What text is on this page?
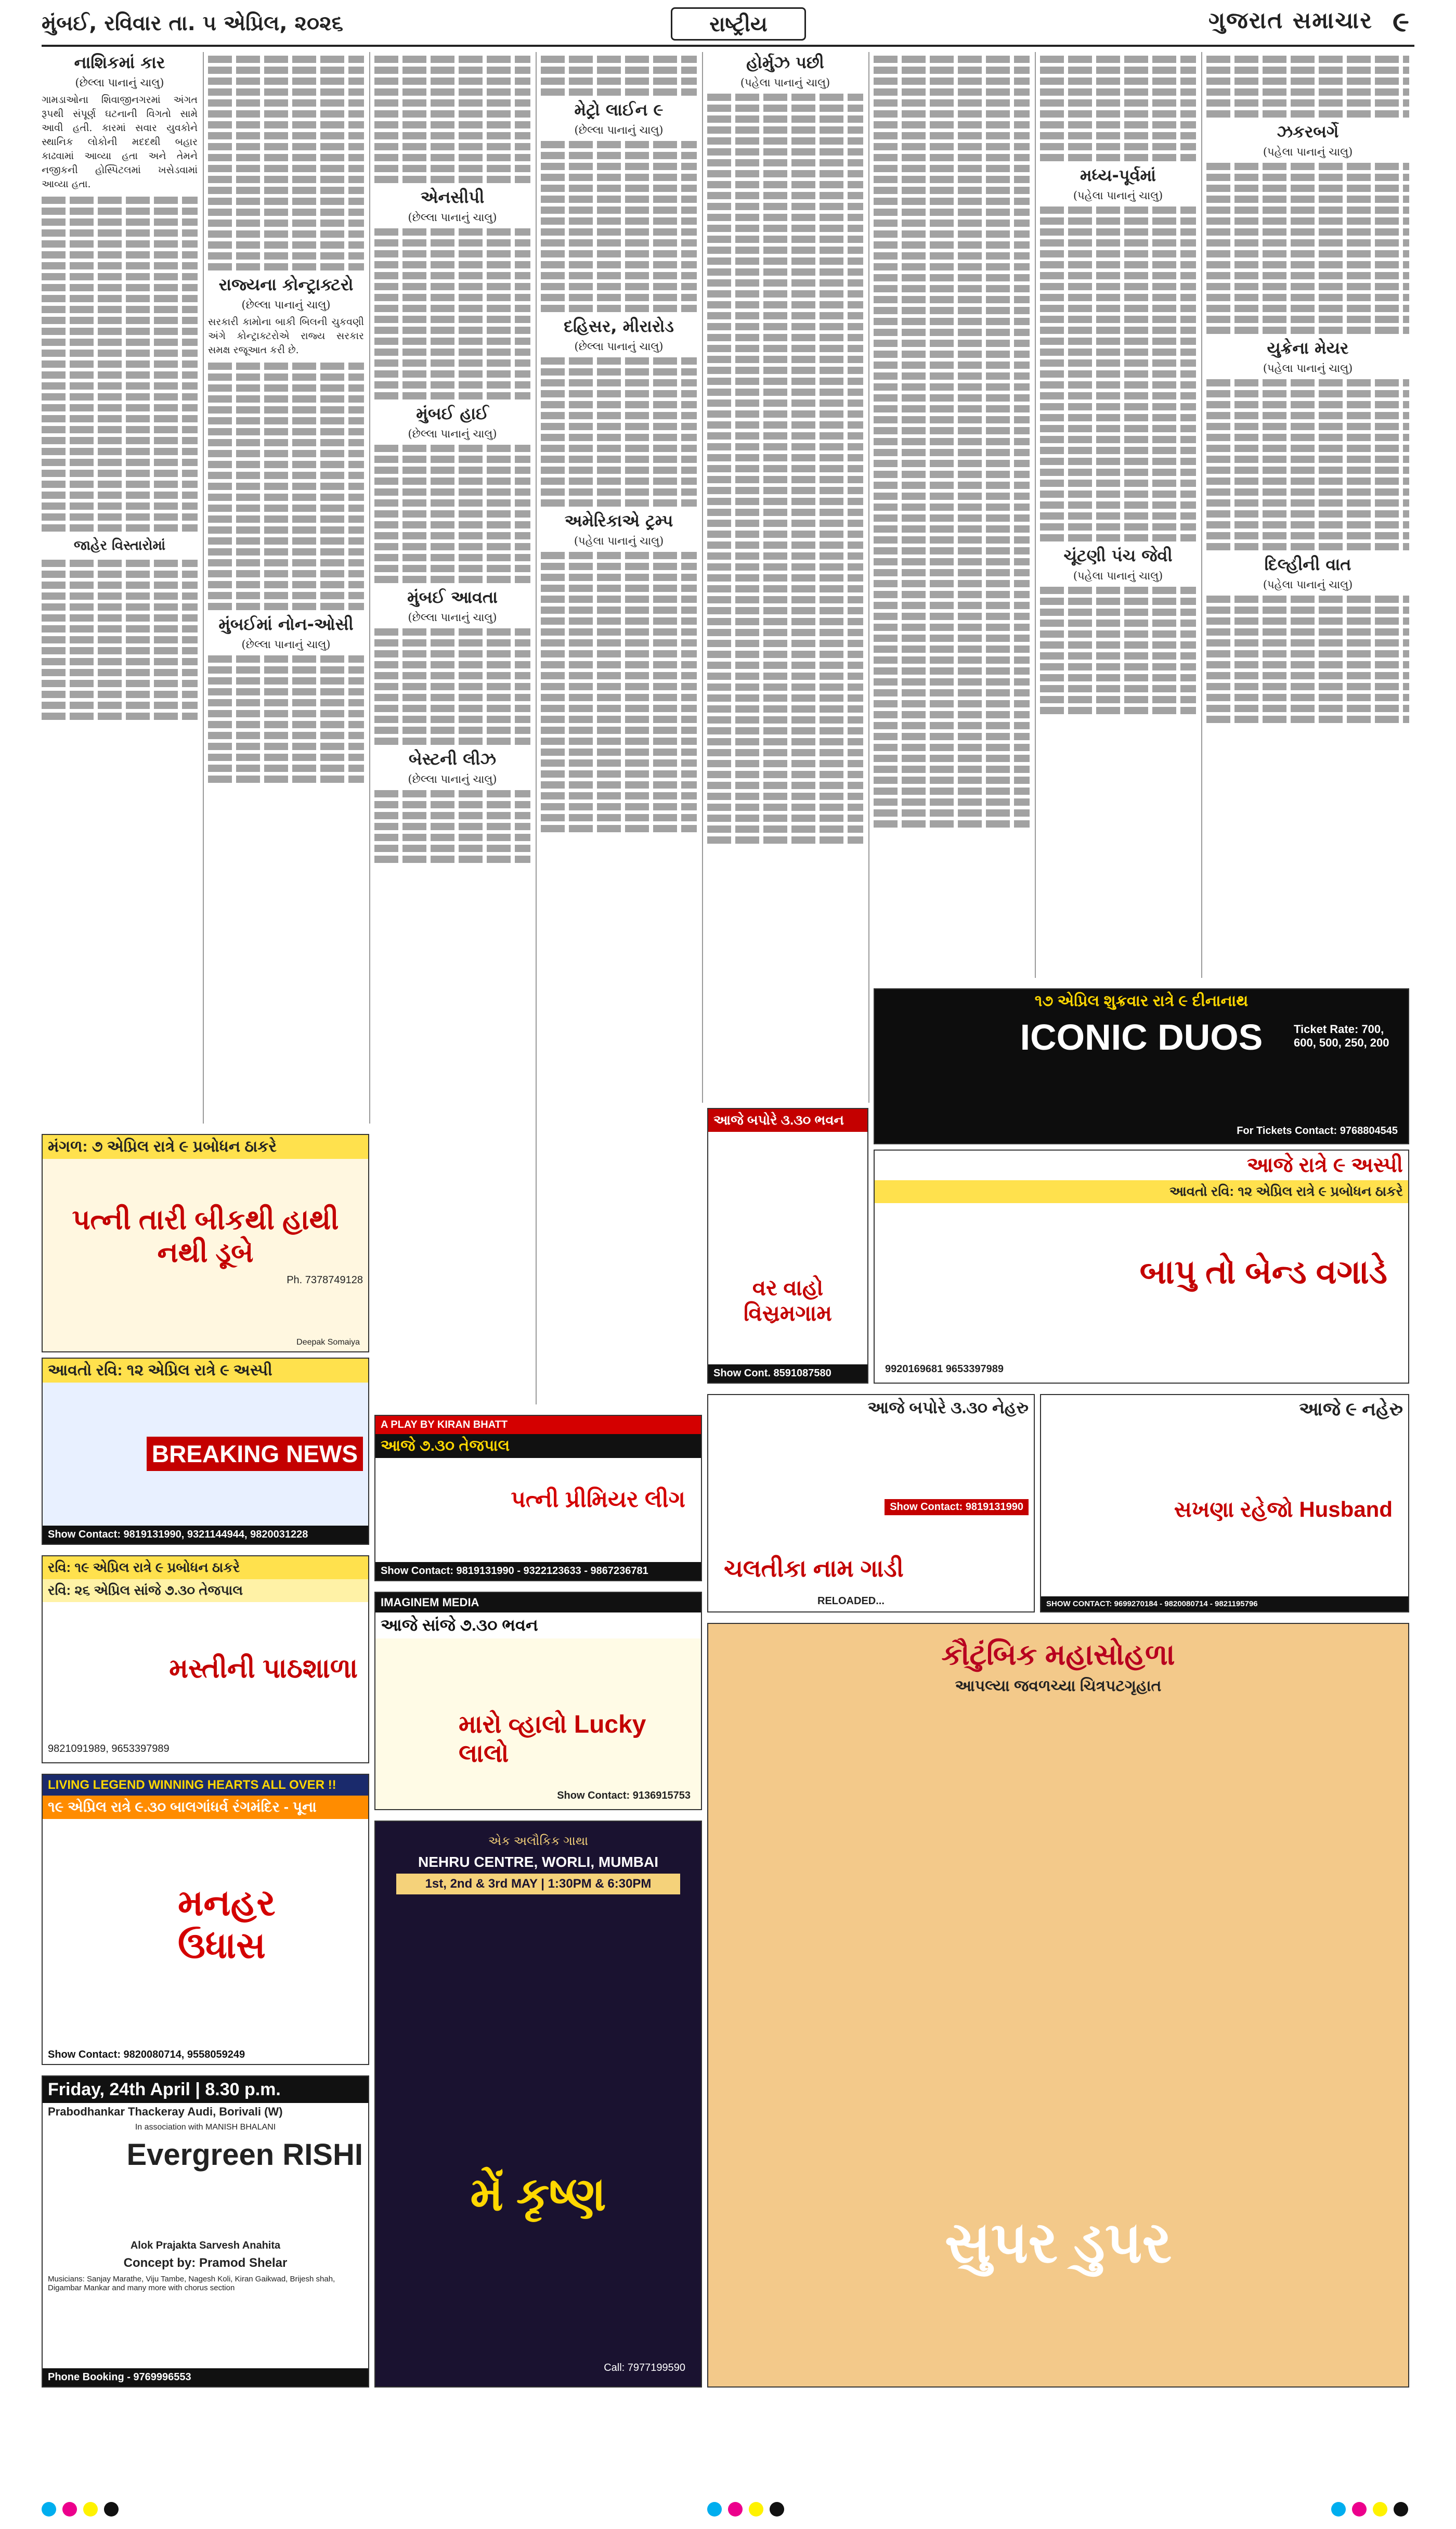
મુંબઈ, રવિવાર તા. ૫ એપ્રિલ, ૨૦૨૬	રાષ્ટ્રીય	ગુજરાત સમાચાર ૯
નાશિકમાં કાર
(છેલ્લા પાનાનું ચાલુ)

ગામડાઓના શિવાજીનગરમાં અંગત રૂપથી સંપૂર્ણ ઘટનાની વિગતો સામે આવી હતી. કારમાં સવાર યુવકોને સ્થાનિક લોકોની મદદથી બહાર કાઢવામાં આવ્યા હતા અને તેમને નજીકની હોસ્પિટલમાં ખસેડવામાં આવ્યા હતા.

જાહેર વિસ્તારોમાં
રાજ્યના કોન્ટ્રાક્ટરો
(છેલ્લા પાનાનું ચાલુ)

સરકારી કામોના બાકી બિલની ચુકવણી અંગે કોન્ટ્રાક્ટરોએ રાજ્ય સરકાર સમક્ષ રજૂઆત કરી છે.

મુંબઈમાં નોન-ઓસી
(છેલ્લા પાનાનું ચાલુ)
એનસીપી
(છેલ્લા પાનાનું ચાલુ)
મુંબઈ હાઈ
(છેલ્લા પાનાનું ચાલુ)
મુંબઈ આવતા
(છેલ્લા પાનાનું ચાલુ)
બેસ્ટની લીઝ
(છેલ્લા પાનાનું ચાલુ)
મેટ્રો લાઈન ૯
(છેલ્લા પાનાનું ચાલુ)
દહિસર, મીરારોડ
(છેલ્લા પાનાનું ચાલુ)
અમેરિકાએ ટ્રમ્પ
(પહેલા પાનાનું ચાલુ)
હોર્મુઝ પછી
(પહેલા પાનાનું ચાલુ)
મધ્ય-પૂર્વમાં
(પહેલા પાનાનું ચાલુ)
ચૂંટણી પંચ જેવી
(પહેલા પાનાનું ચાલુ)
ઝકરબર્ગે
(પહેલા પાનાનું ચાલુ)
યુક્રેના મેયર
(પહેલા પાનાનું ચાલુ)
દિલ્હીની વાત
(પહેલા પાનાનું ચાલુ)
મંગળ: ૭ એપ્રિલ રાત્રે ૯ પ્રબોધન ઠાકરે
પત્ની તારી બીકથી હાથી નથી ડૂબે
Ph. 7378749128
Deepak Somaiya
આવતો રવિ: ૧૨ એપ્રિલ રાત્રે ૯ અસ્પી
BREAKING NEWS
Show Contact: 9819131990, 9321144944, 9820031228
રવિ: ૧૯ એપ્રિલ રાત્રે ૯ પ્રબોધન ઠાકરે
રવિ: ૨૬ એપ્રિલ સાંજે ૭.૩૦ તેજપાલ
મસ્તીની પાઠશાળા
9821091989, 9653397989
LIVING LEGEND WINNING HEARTS ALL OVER !!
૧૯ એપ્રિલ રાત્રે ૯.૩૦ બાલગાંધર્વ રંગમંદિર - પૂના
મનહર ઉધાસ
Show Contact: 9820080714, 9558059249
Friday, 24th April | 8.30 p.m.
Prabodhankar Thackeray Audi, Borivali (W)
In association with MANISH BHALANI
Evergreen RISHI
Alok Prajakta Sarvesh Anahita
Concept by: Pramod Shelar
Musicians: Sanjay Marathe, Viju Tambe, Nagesh Koli, Kiran Gaikwad, Brijesh shah, Digambar Mankar and many more with chorus section
Phone Booking - 9769996553
A PLAY BY KIRAN BHATT
આજે ૭.૩૦ તેજપાલ
પત્ની પ્રીમિયર લીગ
Show Contact: 9819131990 - 9322123633 - 9867236781
IMAGINEM MEDIA
આજે સાંજે ૭.૩૦ ભવન
મારો વ્હાલો Lucky લાલો
Show Contact: 9136915753
એક અલૌકિક ગાથા
NEHRU CENTRE, WORLI, MUMBAI
1st, 2nd & 3rd MAY | 1:30PM & 6:30PM
મેં કૃષ્ણ
Call: 7977199590
આજે બપોરે ૩.૩૦ ભવન
વર વાહો વિસ્રમગામ
Show Cont. 8591087580
૧૭ એપ્રિલ શુક્રવાર રાત્રે ૯ દીનાનાથ
ICONIC DUOS	Ticket Rate: 700, 600, 500, 250, 200
For Tickets Contact: 9768804545
આજે રાત્રે ૯ અસ્પી
આવતો રવિ: ૧૨ એપ્રિલ રાત્રે ૯ પ્રબોધન ઠાકરે
બાપુ તો બેન્ડ વગાડે
9920169681 9653397989
આજે બપોરે ૩.૩૦ નેહરુ
ચલતીકા નામ ગાડી
RELOADED...
Show Contact: 9819131990
આજે ૯ નહેરુ
સખણા રહેજો Husband
SHOW CONTACT: 9699270184 - 9820080714 - 9821195796
કૌટુંબિક મહાસોહળા
આપલ્યા જવળચ્યા ચિત્રપટગૃહાત
સુપર ડુપર
